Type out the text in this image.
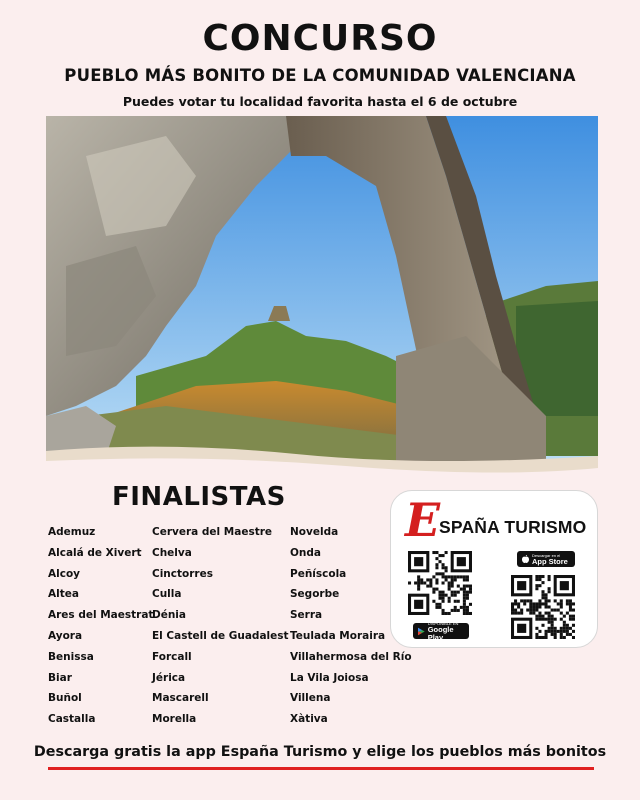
CONCURSO
PUEBLO MÁS BONITO DE LA COMUNIDAD VALENCIANA
Puedes votar tu localidad favorita hasta el 6 de octubre
FINALISTAS
Ademuz
Alcalá de Xivert
Alcoy
Altea
Ares del Maestrat
Ayora
Benissa
Biar
Buñol
Castalla
Cervera del Maestre
Chelva
Cinctorres
Culla
Dénia
El Castell de Guadalest
Forcall
Jérica
Mascarell
Morella
Novelda
Onda
Peñíscola
Segorbe
Serra
Teulada Moraira
Villahermosa del Río
La Vila Joiosa
Villena
Xàtiva
E
SPAÑA TURISMO
DISPONIBLE EN
Google Play
Descargar en el
App Store
Descarga gratis la app España Turismo y elige los pueblos más bonitos
